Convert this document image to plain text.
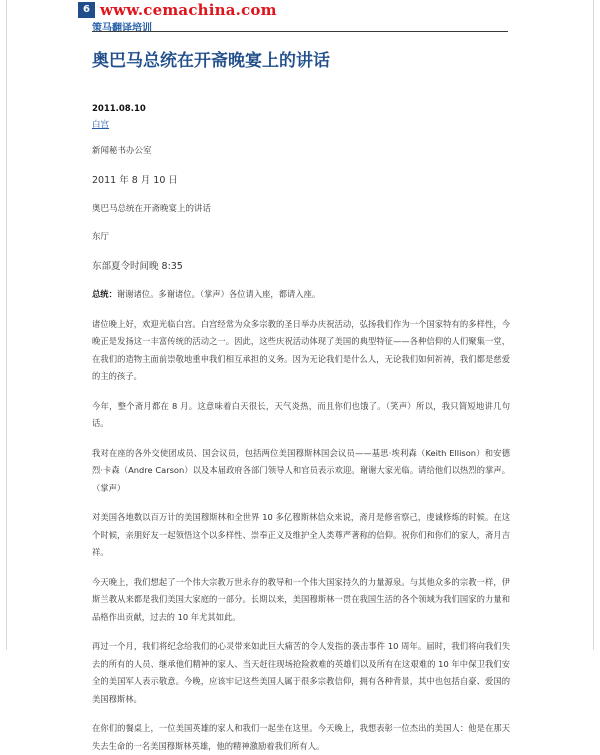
6 www.cemachina.com
策马翻译培训
奥巴马总统在开斋晚宴上的讲话

2011.08.10

白宫

新闻秘书办公室

2011 年 8 月 10 日

奥巴马总统在开斋晚宴上的讲话

东厅

东部夏令时间晚 8:35

总统：谢谢诸位。多谢诸位。（掌声）各位请入座，都请入座。

诸位晚上好，欢迎光临白宫。白宫经常为众多宗教的圣日举办庆祝活动，弘扬我们作为一个国家特有的多样性，今晚正是发扬这一丰富传统的活动之一。因此，这些庆祝活动体现了美国的典型特征——各种信仰的人们聚集一堂，在我们的造物主面前崇敬地重申我们相互承担的义务。因为无论我们是什么人，无论我们如何祈祷，我们都是慈爱的主的孩子。

今年，整个斋月都在 8 月。这意味着白天很长，天气炎热，而且你们也饿了。（笑声）所以，我只简短地讲几句话。

我对在座的各外交使团成员、国会议员，包括两位美国穆斯林国会议员——基思·埃利森（Keith Ellison）和安德烈·卡森（Andre Carson）以及本届政府各部门领导人和官员表示欢迎。谢谢大家光临。请给他们以热烈的掌声。（掌声）

对美国各地数以百万计的美国穆斯林和全世界 10 多亿穆斯林信众来说，斋月是修省察己，虔诚修炼的时候。在这个时候，亲朋好友一起领悟这个以多样性、崇奉正义及维护全人类尊严著称的信仰。祝你们和你们的家人，斋月吉祥。

今天晚上，我们想起了一个伟大宗教万世永存的教导和一个伟大国家持久的力量源泉。与其他众多的宗教一样，伊斯兰教从来都是我们美国大家庭的一部分。长期以来，美国穆斯林一贯在我国生活的各个领域为我们国家的力量和品格作出贡献，过去的 10 年尤其如此。

再过一个月，我们将纪念给我们的心灵带来如此巨大痛苦的令人发指的袭击事件 10 周年。届时，我们将向我们失去的所有的人员、继承他们精神的家人、当天赶往现场抢险救难的英雄们以及所有在这艰难的 10 年中保卫我们安全的美国军人表示敬意。今晚，应该牢记这些美国人属于很多宗教信仰，拥有各种背景，其中也包括自豪、爱国的美国穆斯林。

在你们的餐桌上，一位美国英雄的家人和我们一起坐在这里。今天晚上，我想表彰一位杰出的美国人：他是在那天失去生命的一名美国穆斯林英雄，他的精神激励着我们所有人。
